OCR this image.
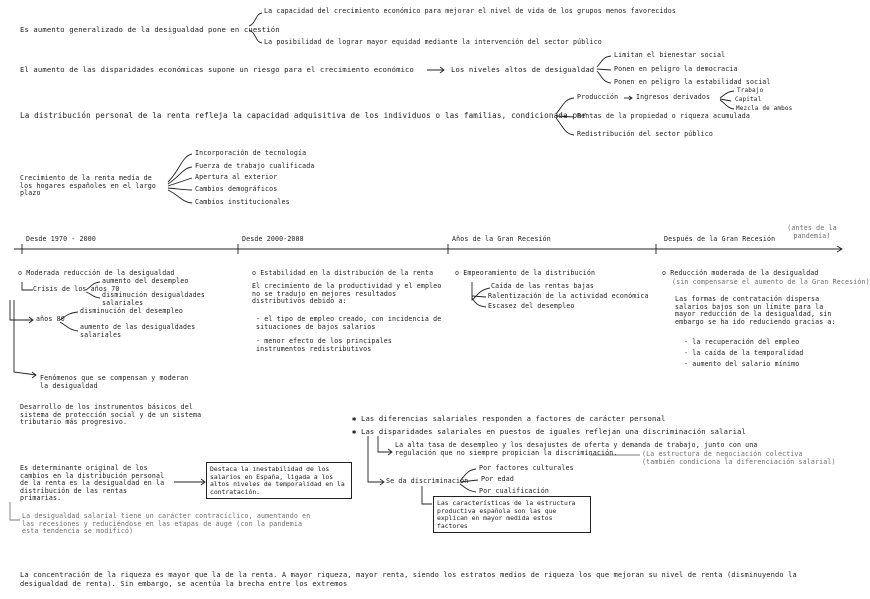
Es aumento generalizado de la desigualdad pone en cuestión
La capacidad del crecimiento económico para mejorar el nivel de vida de los grupos menos favorecidos
La posibilidad de lograr mayor equidad mediante la intervención del sector público
El aumento de las disparidades económicas supone un riesgo para el crecimiento económico	Los niveles altos de desigualdad
Limitan el bienestar social
Ponen en peligro la democracia
Ponen en peligro la estabilidad social
La distribución personal de la renta refleja la capacidad adquisitiva de los individuos o las familias, condicionada por
Producción	Ingresos derivados
Trabajo
Capital
Mezcla de ambos
Rentas de la propiedad o riqueza acumulada
Redistribución del sector público
Crecimiento de la renta media de los hogares españoles en el largo plazo
Incorporación de tecnología
Fuerza de trabajo cualificada
Apertura al exterior
Cambios demográficos
Cambios institucionales
Desde 1970 - 2000	Desde 2000-2008	Años de la Gran Recesión	Después de la Gran Recesión
(antes de la pandemia)
o Moderada reducción de la desigualdad
Crisis de los años 70
aumento del desempleo
disminución desigualdades salariales
años 80
disminución del desempleo
aumento de las desigualdades salariales
Fenómenos que se compensan y moderan la desigualdad
Desarrollo de los instrumentos básicos del sistema de protección social y de un sistema tributario más progresivo.
o Estabilidad en la distribución de la renta
El crecimiento de la productividad y el empleo no se tradujo en mejores resultados distributivos debido a:
- el tipo de empleo creado, con incidencia de situaciones de bajos salarios
- menor efecto de los principales instrumentos redistributivos
o Empeoramiento de la distribución
Caída de las rentas bajas
Ralentización de la actividad económica
Escasez del desempleo
o Reducción moderada de la desigualdad
(sin compensarse el aumento de la Gran Recesión)
Las formas de contratación dispersa salarios bajos son un límite para la mayor reducción de la desigualdad, sin embargo se ha ido reduciendo gracias a:
- la recuperación del empleo
- la caída de la temporalidad
- aumento del salario mínimo
✱ Las diferencias salariales responden a factores de carácter personal
✱ Las disparidades salariales en puestos de iguales reflejan una discriminación salarial
La alta tasa de desempleo y los desajustes de oferta y demanda de trabajo, junto con una regulación que no siempre propician la discriminación.	(La estructura de negociación colectiva (también condiciona la diferenciación salarial)
Se da discriminación
Por factores culturales
Por edad
Por cualificación
Las características de la estructura productiva española son las que explican en mayor medida estos factores
Es determinante original de los cambios en la distribución personal de la renta es la desigualdad en la distribución de las rentas primarias.
Destaca la inestabilidad de los salarios en España, ligada a los altos niveles de temporalidad en la contratación.
La desigualdad salarial tiene un carácter contracíclico, aumentando en las recesiones y reduciéndose en las etapas de auge (con la pandemia esta tendencia se modificó)
La concentración de la riqueza es mayor que la de la renta. A mayor riqueza, mayor renta, siendo los estratos medios de riqueza los que mejoran su nivel de renta (disminuyendo la desigualdad de renta). Sin embargo, se acentúa la brecha entre los extremos
